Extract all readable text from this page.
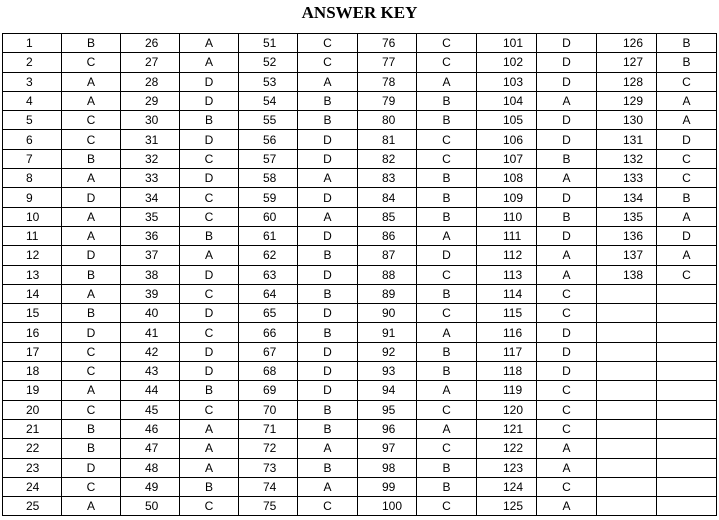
ANSWER KEY
1	B	26	A	51	C	76	C	101	D	126	B
2	C	27	A	52	C	77	C	102	D	127	B
3	A	28	D	53	A	78	A	103	D	128	C
4	A	29	D	54	B	79	B	104	A	129	A
5	C	30	B	55	B	80	B	105	D	130	A
6	C	31	D	56	D	81	C	106	D	131	D
7	B	32	C	57	D	82	C	107	B	132	C
8	A	33	D	58	A	83	B	108	A	133	C
9	D	34	C	59	D	84	B	109	D	134	B
10	A	35	C	60	A	85	B	110	B	135	A
11	A	36	B	61	D	86	A	111	D	136	D
12	D	37	A	62	B	87	D	112	A	137	A
13	B	38	D	63	D	88	C	113	A	138	C
14	A	39	C	64	B	89	B	114	C		
15	B	40	D	65	D	90	C	115	C		
16	D	41	C	66	B	91	A	116	D		
17	C	42	D	67	D	92	B	117	D		
18	C	43	D	68	D	93	B	118	D		
19	A	44	B	69	D	94	A	119	C		
20	C	45	C	70	B	95	C	120	C		
21	B	46	A	71	B	96	A	121	C		
22	B	47	A	72	A	97	C	122	A		
23	D	48	A	73	B	98	B	123	A		
24	C	49	B	74	A	99	B	124	C		
25	A	50	C	75	C	100	C	125	A		
